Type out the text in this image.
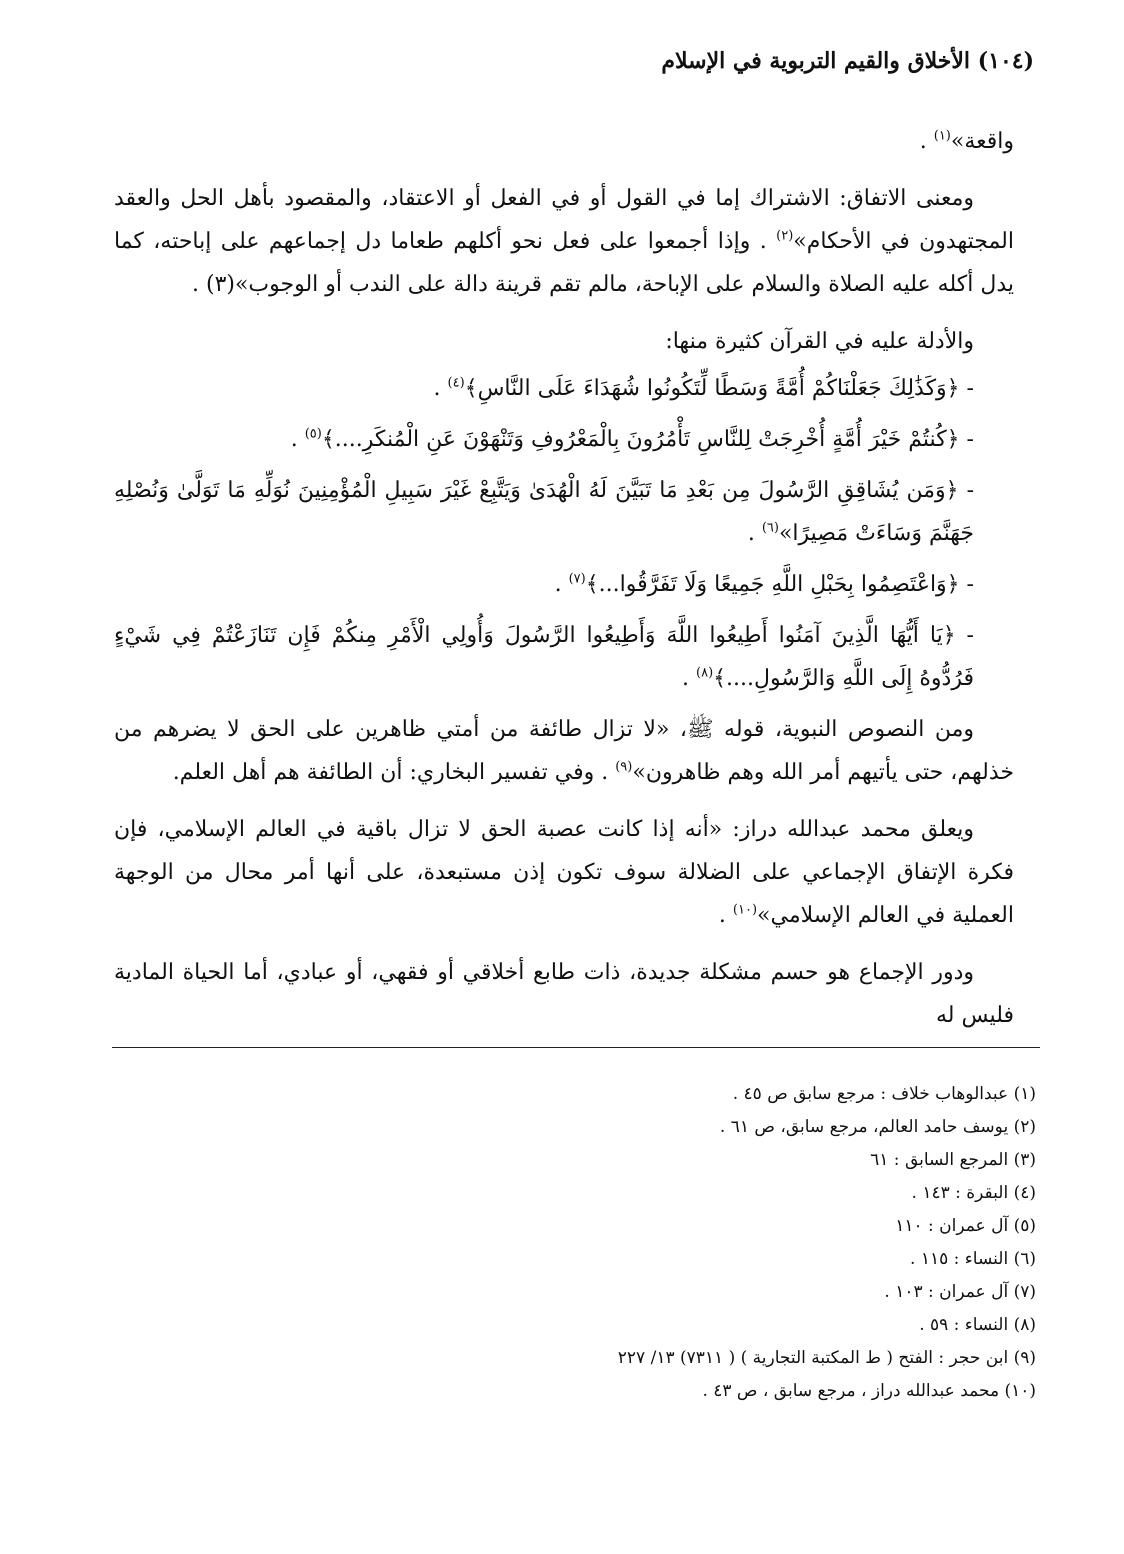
(١٠٤) الأخلاق والقيم التربوية في الإسلام

واقعة»$^{(١)}$ .

ومعنى الاتفاق: الاشتراك إما في القول أو في الفعل أو الاعتقاد، والمقصود بأهل الحل والعقد المجتهدون في الأحكام»$^{(٢)}$ . وإذا أجمعوا على فعل نحو أكلهم طعاما دل إجماعهم على إباحته، كما يدل أكله عليه الصلاة والسلام على الإباحة، مالم تقم قرينة دالة على الندب أو الوجوب»(٣) .

والأدلة عليه في القرآن كثيرة منها:

- ﴿وَكَذَٰلِكَ جَعَلْنَاكُمْ أُمَّةً وَسَطًا لِّتَكُونُوا شُهَدَاءَ عَلَى النَّاسِ﴾$^{(٤)}$ .

- ﴿كُنتُمْ خَيْرَ أُمَّةٍ أُخْرِجَتْ لِلنَّاسِ تَأْمُرُونَ بِالْمَعْرُوفِ وَتَنْهَوْنَ عَنِ الْمُنكَرِ....﴾$^{(٥)}$ .

- ﴿وَمَن يُشَاقِقِ الرَّسُولَ مِن بَعْدِ مَا تَبَيَّنَ لَهُ الْهُدَىٰ وَيَتَّبِعْ غَيْرَ سَبِيلِ الْمُؤْمِنِينَ نُوَلِّهِ مَا تَوَلَّىٰ وَنُصْلِهِ جَهَنَّمَ وَسَاءَتْ مَصِيرًا»$^{(٦)}$ .

- ﴿وَاعْتَصِمُوا بِحَبْلِ اللَّهِ جَمِيعًا وَلَا تَفَرَّقُوا...﴾$^{(٧)}$ .

- ﴿يَا أَيُّهَا الَّذِينَ آمَنُوا أَطِيعُوا اللَّهَ وَأَطِيعُوا الرَّسُولَ وَأُولِي الْأَمْرِ مِنكُمْ فَإِن تَنَازَعْتُمْ فِي شَيْءٍ فَرُدُّوهُ إِلَى اللَّهِ وَالرَّسُولِ....﴾$^{(٨)}$ .

ومن النصوص النبوية، قوله ﷺ، «لا تزال طائفة من أمتي ظاهرين على الحق لا يضرهم من خذلهم، حتى يأتيهم أمر الله وهم ظاهرون»$^{(٩)}$ . وفي تفسير البخاري: أن الطائفة هم أهل العلم.

ويعلق محمد عبدالله دراز: «أنه إذا كانت عصبة الحق لا تزال باقية في العالم الإسلامي، فإن فكرة الإتفاق الإجماعي على الضلالة سوف تكون إذن مستبعدة، على أنها أمر محال من الوجهة العملية في العالم الإسلامي»$^{(١٠)}$ .

ودور الإجماع هو حسم مشكلة جديدة، ذات طابع أخلاقي أو فقهي، أو عبادي، أما الحياة المادية فليس له

(١) عبدالوهاب خلاف : مرجع سابق ص ٤٥ .
(٢) يوسف حامد العالم، مرجع سابق، ص ٦١ .
(٣) المرجع السابق : ٦١
(٤) البقرة : ١٤٣ .
(٥) آل عمران : ١١٠
(٦) النساء : ١١٥ .
(٧) آل عمران : ١٠٣ .
(٨) النساء : ٥٩ .
(٩) ابن حجر : الفتح ( ط المكتبة التجارية ) ( ٧٣١١) ١٣/ ٢٢٧
(١٠) محمد عبدالله دراز ، مرجع سابق ، ص ٤٣ .
